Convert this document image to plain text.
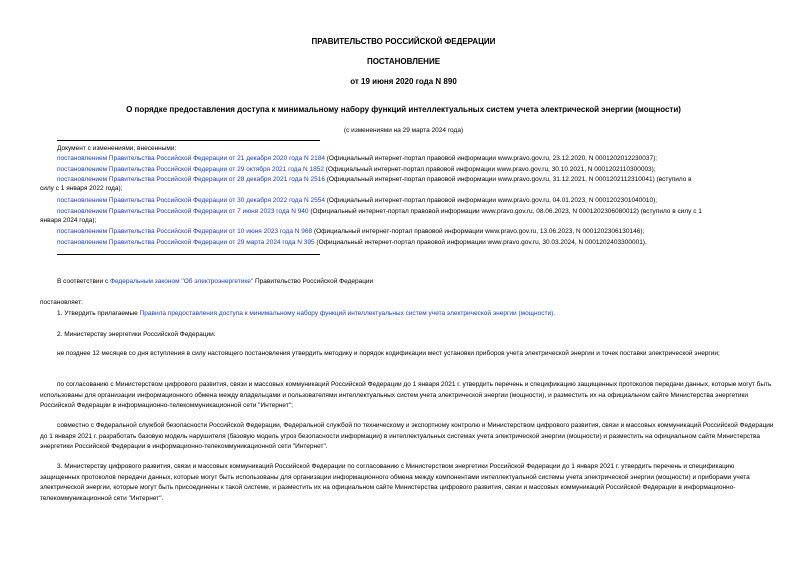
ПРАВИТЕЛЬСТВО РОССИЙСКОЙ ФЕДЕРАЦИИ
ПОСТАНОВЛЕНИЕ
от 19 июня 2020 года N 890
О порядке предоставления доступа к минимальному набору функций интеллектуальных систем учета электрической энергии (мощности)
(с изменениями на 29 марта 2024 года)
Документ с изменениями, внесенными:
постановлением Правительства Российской Федерации от 21 декабря 2020 года N 2184 (Официальный интернет-портал правовой информации www.pravo.gov.ru, 23.12.2020, N 0001202012230037);
постановлением Правительства Российской Федерации от 29 октября 2021 года N 1852 (Официальный интернет-портал правовой информации www.pravo.gov.ru, 30.10.2021, N 0001202110300003);
постановлением Правительства Российской Федерации от 28 декабря 2021 года N 2516 (Официальный интернет-портал правовой информации www.pravo.gov.ru, 31.12.2021, N 0001202112310041) (вступило в
силу с 1 января 2022 года);
постановлением Правительства Российской Федерации от 30 декабря 2022 года N 2554 (Официальный интернет-портал правовой информации www.pravo.gov.ru, 04.01.2023, N 0001202301040010);
постановлением Правительства Российской Федерации от 7 июня 2023 года N 940 (Официальный интернет-портал правовой информации www.pravo.gov.ru, 08.06.2023, N 0001202306080012) (вступило в силу с 1
января 2024 года);
постановлением Правительства Российской Федерации от 10 июня 2023 года N 968 (Официальный интернет-портал правовой информации www.pravo.gov.ru, 13.06.2023, N 0001202306130146);
постановлением Правительства Российской Федерации от 29 марта 2024 года N 395 (Официальный интернет-портал правовой информации www.pravo.gov.ru, 30.03.2024, N 0001202403300001).
В соответствии с Федеральным законом "Об электроэнергетике" Правительство Российской Федерации
постановляет:
1. Утвердить прилагаемые Правила предоставления доступа к минимальному набору функций интеллектуальных систем учета электрической энергии (мощности).
2. Министерству энергетики Российской Федерации:
не позднее 12 месяцев со дня вступления в силу настоящего постановления утвердить методику и порядок кодификации мест установки приборов учета электрической энергии и точек поставки электрической энергии;
по согласованию с Министерством цифрового развития, связи и массовых коммуникаций Российской Федерации до 1 января 2021 г. утвердить перечень и спецификацию защищенных протоколов передачи данных, которые могут быть использованы для организации информационного обмена между владельцами и пользователями интеллектуальных систем учета электрической энергии (мощности), и разместить их на официальном сайте Министерства энергетики Российской Федерации в информационно-телекоммуникационной сети "Интернет";
совместно с Федеральной службой безопасности Российской Федерации, Федеральной службой по техническому и экспортному контролю и Министерством цифрового развития, связи и массовых коммуникаций Российской Федерации до 1 января 2021 г. разработать базовую модель нарушителя (базовую модель угроз безопасности информации) в интеллектуальных системах учета электрической энергии (мощности) и разместить на официальном сайте Министерства энергетики Российской Федерации в информационно-телекоммуникационной сети "Интернет".
3. Министерству цифрового развития, связи и массовых коммуникаций Российской Федерации по согласованию с Министерством энергетики Российской Федерации до 1 января 2021 г. утвердить перечень и спецификацию защищенных протоколов передачи данных, которые могут быть использованы для организации информационного обмена между компонентами интеллектуальной системы учета электрической энергии (мощности) и приборами учета электрической энергии, которые могут быть присоединены к такой системе, и разместить их на официальном сайте Министерства цифрового развития, связи и массовых коммуникаций Российской Федерации в информационно-телекоммуникационной сети "Интернет".
